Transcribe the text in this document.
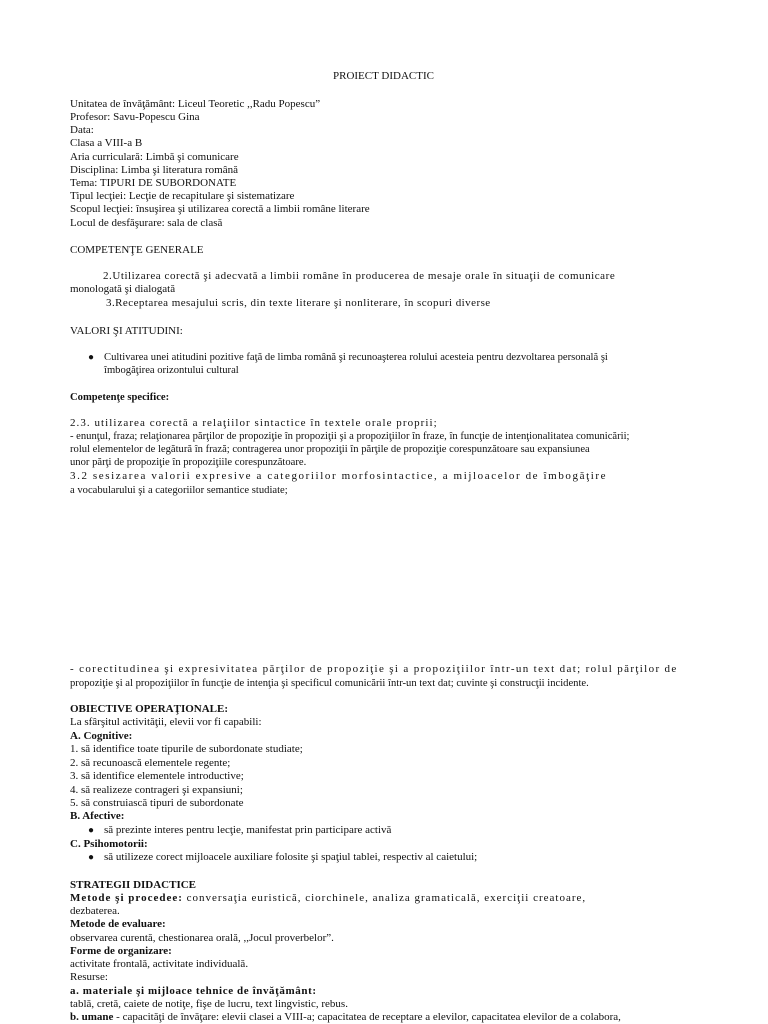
PROIECT DIDACTIC
Unitatea de învăţământ: Liceul Teoretic ,,Radu Popescu”
Profesor: Savu-Popescu Gina
Data:
Clasa a VIII-a B
Aria curriculară: Limbă şi comunicare
Disciplina: Limba şi literatura română
Tema: TIPURI DE SUBORDONATE
Tipul lecţiei: Lecţie de recapitulare şi sistematizare
Scopul lecţiei: însuşirea şi utilizarea corectă a limbii române literare
Locul de desfăşurare: sala de clasă
COMPETENŢE GENERALE
2.Utilizarea corectă şi adecvată a limbii române în producerea de mesaje orale în situaţii de comunicare
monologată şi dialogată
3.Receptarea mesajului scris, din texte literare şi nonliterare, în scopuri diverse
VALORI ŞI ATITUDINI:
● Cultivarea unei atitudini pozitive faţă de limba română şi recunoaşterea rolului acesteia pentru dezvoltarea personală şi
îmbogăţirea orizontului cultural
Competenţe specifice:
2.3. utilizarea corectă a relaţiilor sintactice în textele orale proprii;
- enunţul, fraza; relaţionarea părţilor de propoziţie în propoziţii şi a propoziţiilor în fraze, în funcţie de intenţionalitatea comunicării;
rolul elementelor de legătură în frază; contragerea unor propoziţii în părţile de propoziţie corespunzătoare sau expansiunea
unor părţi de propoziţie în propoziţiile corespunzătoare.
3.2 sesizarea valorii expresive a categoriilor morfosintactice, a mijloacelor de îmbogăţire
a vocabularului şi a categoriilor semantice studiate;
- corectitudinea şi expresivitatea părţilor de propoziţie şi a propoziţiilor într-un text dat; rolul părţilor de
propoziţie şi al propoziţiilor în funcţie de intenţia şi specificul comunicării într-un text dat; cuvinte şi construcţii incidente.
OBIECTIVE OPERAŢIONALE:
La sfârşitul activităţii, elevii vor fi capabili:
A. Cognitive:
1. să identifice toate tipurile de subordonate studiate;
2. să recunoască elementele regente;
3. să identifice elementele introductive;
4. să realizeze contrageri şi expansiuni;
5. să construiască tipuri de subordonate
B. Afective:
● să prezinte interes pentru lecţie, manifestat prin participare activă
C. Psihomotorii:
● să utilizeze corect mijloacele auxiliare folosite şi spaţiul tablei, respectiv al caietului;
STRATEGII DIDACTICE
Metode şi procedee: conversaţia euristică, ciorchinele, analiza gramaticală, exerciţii creatoare,
dezbaterea.
Metode de evaluare:
observarea curentă, chestionarea orală, ,,Jocul proverbelor”.
Forme de organizare:
activitate frontală, activitate individuală.
Resurse:
a. materiale şi mijloace tehnice de învăţământ:
tablă, cretă, caiete de notiţe, fişe de lucru, text lingvistic, rebus.
b. umane - capacităţi de învăţare: elevii clasei a VIII-a; capacitatea de receptare a elevilor, capacitatea elevilor de a colabora,
